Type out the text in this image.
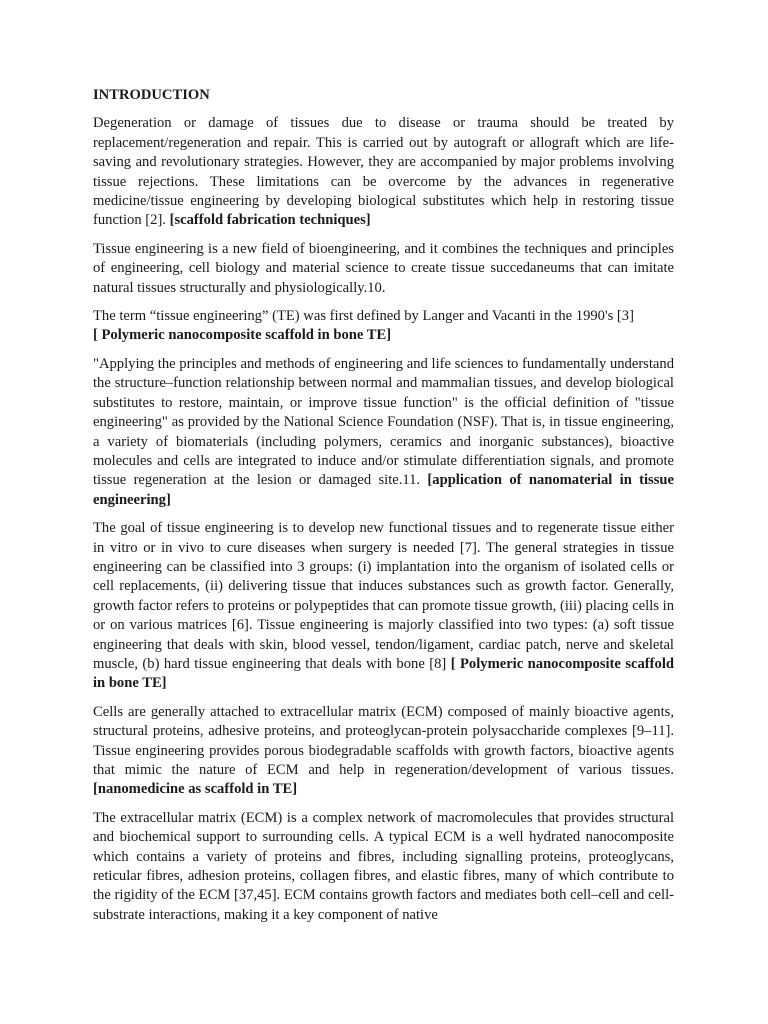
INTRODUCTION

Degeneration or damage of tissues due to disease or trauma should be treated by replacement/regeneration and repair. This is carried out by autograft or allograft which are life-saving and revolutionary strategies. However, they are accompanied by major problems involving tissue rejections. These limitations can be overcome by the advances in regenerative medicine/tissue engineering by developing biological substitutes which help in restoring tissue function [2]. [scaffold fabrication techniques]

Tissue engineering is a new field of bioengineering, and it combines the techniques and principles of engineering, cell biology and material science to create tissue succedaneums that can imitate natural tissues structurally and physiologically.10.

The term “tissue engineering” (TE) was first defined by Langer and Vacanti in the 1990's [3]
[ Polymeric nanocomposite scaffold in bone TE]

"Applying the principles and methods of engineering and life sciences to fundamentally understand the structure–function relationship between normal and mammalian tissues, and develop biological substitutes to restore, maintain, or improve tissue function" is the official definition of "tissue engineering" as provided by the National Science Foundation (NSF). That is, in tissue engineering, a variety of biomaterials (including polymers, ceramics and inorganic substances), bioactive molecules and cells are integrated to induce and/or stimulate differentiation signals, and promote tissue regeneration at the lesion or damaged site.11. [application of nanomaterial in tissue engineering]

The goal of tissue engineering is to develop new functional tissues and to regenerate tissue either in vitro or in vivo to cure diseases when surgery is needed [7]. The general strategies in tissue engineering can be classified into 3 groups: (i) implantation into the organism of isolated cells or cell replacements, (ii) delivering tissue that induces substances such as growth factor. Generally, growth factor refers to proteins or polypeptides that can promote tissue growth, (iii) placing cells in or on various matrices [6]. Tissue engineering is majorly classified into two types: (a) soft tissue engineering that deals with skin, blood vessel, tendon/ligament, cardiac patch, nerve and skeletal muscle, (b) hard tissue engineering that deals with bone [8] [ Polymeric nanocomposite scaffold in bone TE]

Cells are generally attached to extracellular matrix (ECM) composed of mainly bioactive agents, structural proteins, adhesive proteins, and proteoglycan-protein polysaccharide complexes [9–11]. Tissue engineering provides porous biodegradable scaffolds with growth factors, bioactive agents that mimic the nature of ECM and help in regeneration/development of various tissues. [nanomedicine as scaffold in TE]

The extracellular matrix (ECM) is a complex network of macromolecules that provides structural and biochemical support to surrounding cells. A typical ECM is a well hydrated nanocomposite which contains a variety of proteins and fibres, including signalling proteins, proteoglycans, reticular fibres, adhesion proteins, collagen fibres, and elastic fibres, many of which contribute to the rigidity of the ECM [37,45]. ECM contains growth factors and mediates both cell–cell and cell-substrate interactions, making it a key component of native
